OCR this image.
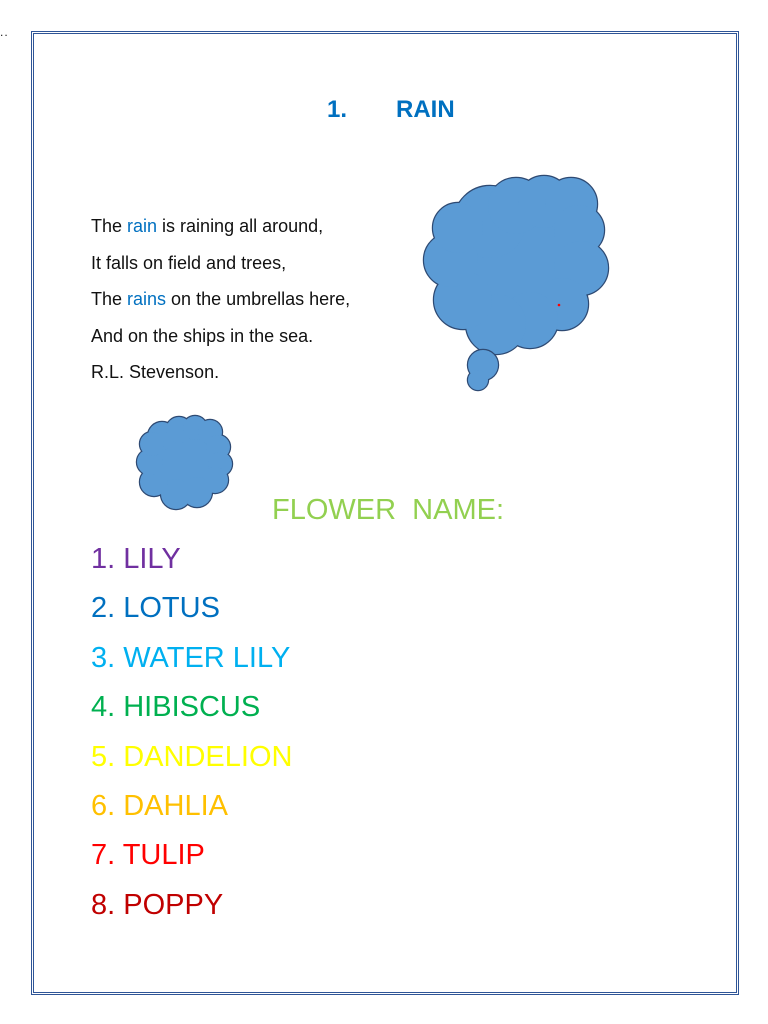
..
1. RAIN
The rain is raining all around,
It falls on field and trees,
The rains on the umbrellas here,
And on the ships in the sea.
R.L. Stevenson.
FLOWER  NAME:
1. LILY
2. LOTUS
3. WATER LILY
4. HIBISCUS
5. DANDELION
6. DAHLIA
7. TULIP
8. POPPY
